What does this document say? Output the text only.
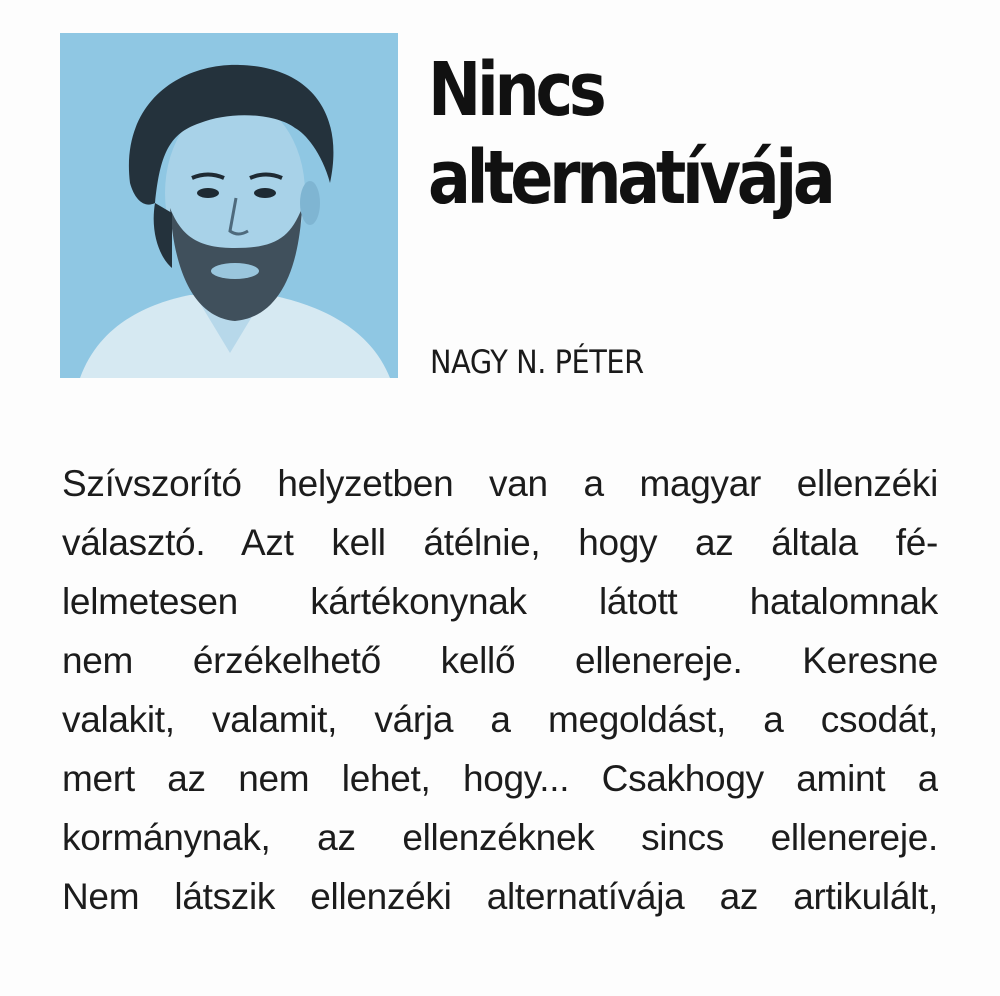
Nincs
alternatívája
NAGY N. PÉTER
Szívszorító helyzetben van a magyar ellenzéki
választó. Azt kell átélnie, hogy az általa fé-
lelmetesen kártékonynak látott hatalomnak
nem érzékelhető kellő ellenereje. Keresne
valakit, valamit, várja a megoldást, a csodát,
mert az nem lehet, hogy... Csakhogy amint a
kormánynak, az ellenzéknek sincs ellenereje.
Nem látszik ellenzéki alternatívája az artikulált,
